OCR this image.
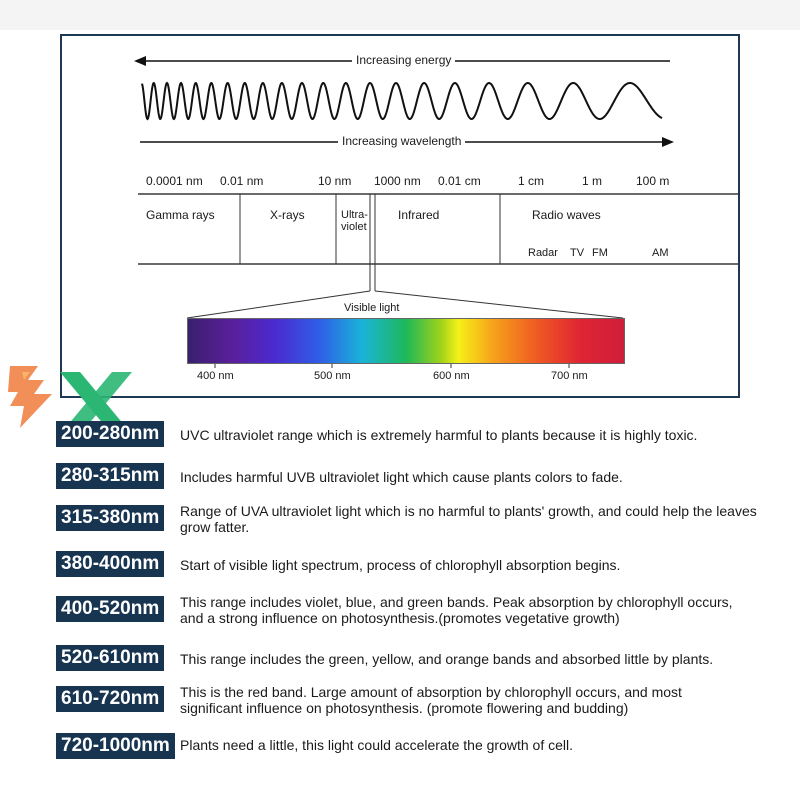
Increasing energy
Increasing wavelength
0.0001 nm 0.01 nm	10 nm 1000 nm 0.01 cm	1 cm	1 m	100 m
Gamma rays	X-rays	Ultra-
violet
Infrared	Radio waves
Radar TV FM	AM
Visible light
400 nm	500 nm	600 nm	700 nm
200-280nm	UVC ultraviolet range which is extremely harmful to plants because it is highly toxic.
280-315nm	Includes harmful UVB ultraviolet light which cause plants colors to fade.
315-380nm	Range of UVA ultraviolet light which is no harmful to plants' growth, and could help the leaves grow fatter.
380-400nm	Start of visible light spectrum, process of chlorophyll absorption begins.
400-520nm	This range includes violet, blue, and green bands. Peak absorption by chlorophyll occurs, and a strong influence on photosynthesis.(promotes vegetative growth)
520-610nm	This range includes the green, yellow, and orange bands and absorbed little by plants.
610-720nm	This is the red band. Large amount of absorption by chlorophyll occurs, and most significant influence on photosynthesis. (promote flowering and budding)
720-1000nm Plants need a little, this light could accelerate the growth of cell.
